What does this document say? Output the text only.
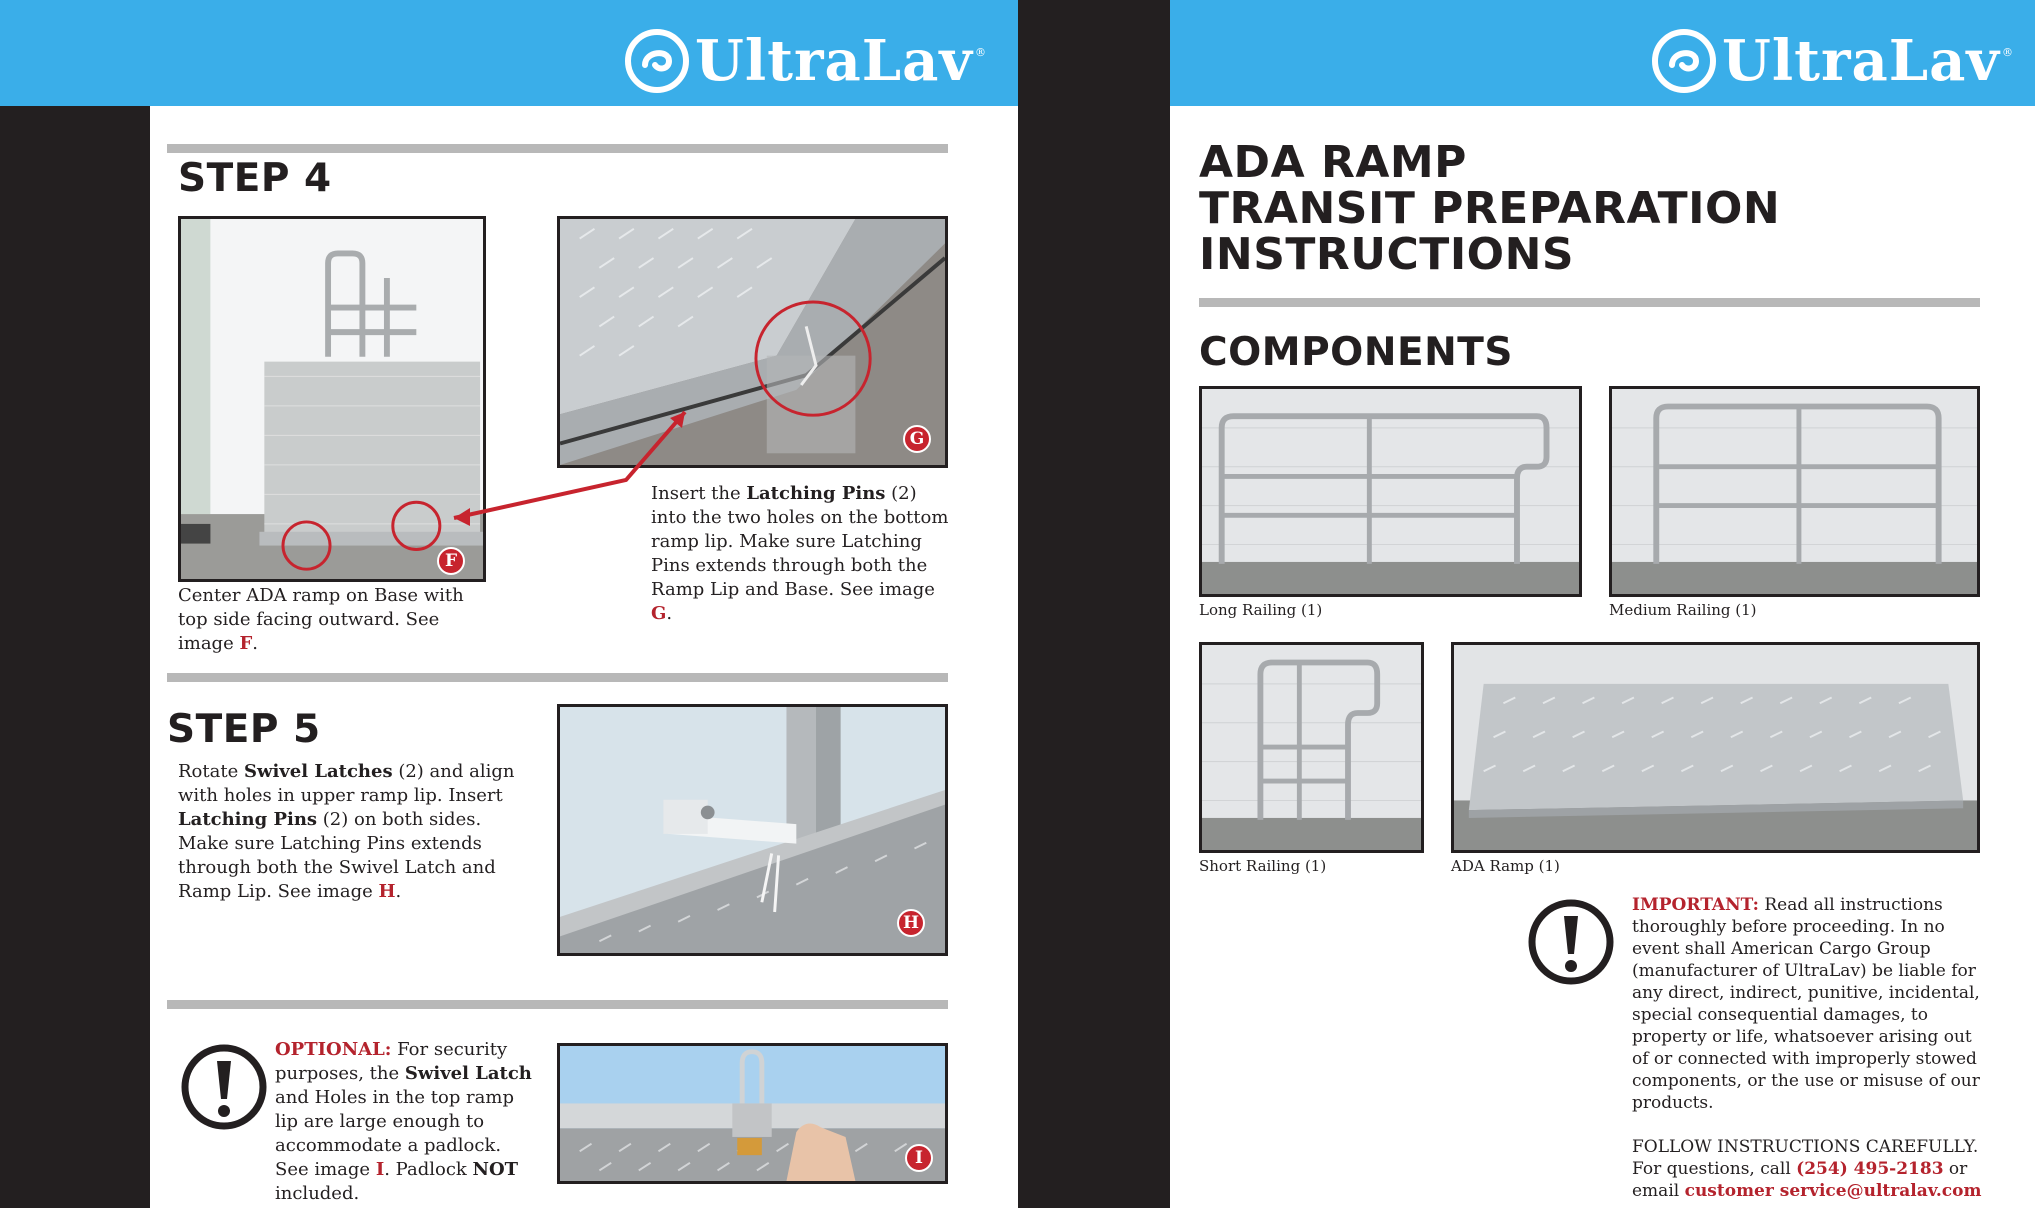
UltraLav ®
STEP 4
F
G
Center ADA ramp on Base with top side facing outward. See image F.
Insert the Latching Pins (2) into the two holes on the bottom ramp lip. Make sure Latching Pins extends through both the Ramp Lip and Base. See image G.
STEP 5
Rotate Swivel Latches (2) and align with holes in upper ramp lip. Insert Latching Pins (2) on both sides. Make sure Latching Pins extends through both the Swivel Latch and Ramp Lip. See image H.
H
OPTIONAL: For security purposes, the Swivel Latch and Holes in the top ramp lip are large enough to accommodate a padlock. See image I. Padlock NOT included.
I
UltraLav ®
ADA RAMP
TRANSIT PREPARATION
INSTRUCTIONS
COMPONENTS
Long Railing (1)	Medium Railing (1)
Short Railing (1)	ADA Ramp (1)
IMPORTANT: Read all instructions thoroughly before proceeding. In no event shall American Cargo Group (manufacturer of UltraLav) be liable for any direct, indirect, punitive, incidental, special consequential damages, to property or life, whatsoever arising out of or connected with improperly stowed components, or the use or misuse of our products.
FOLLOW INSTRUCTIONS CAREFULLY.
For questions, call (254) 495-2183 or email customer service@ultralav.com
